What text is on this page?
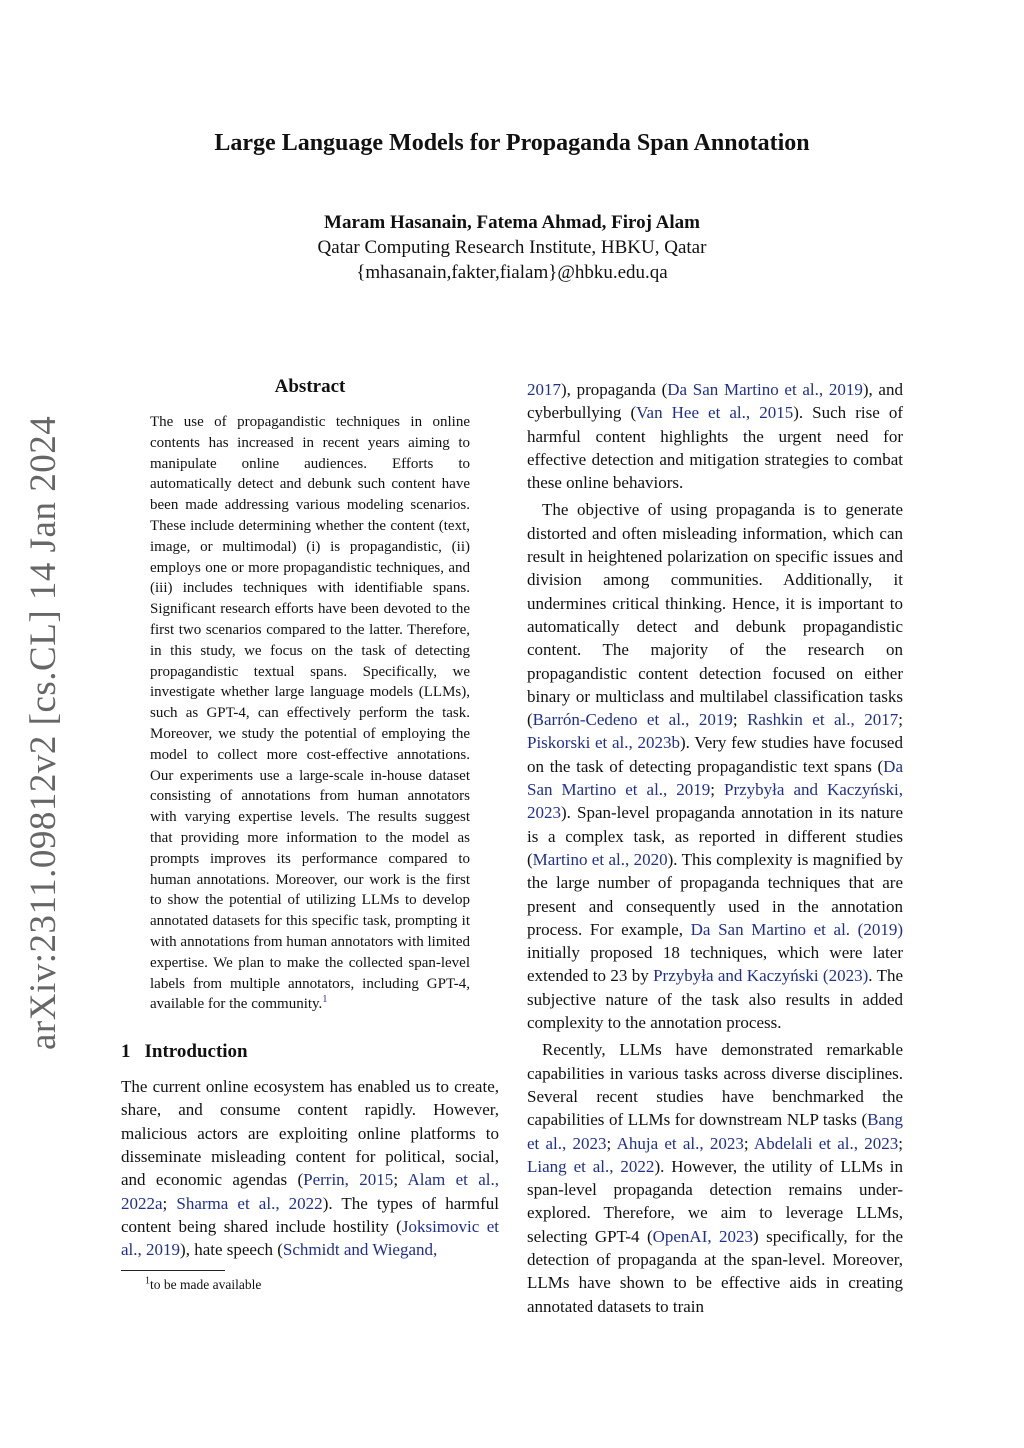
arXiv:2311.09812v2 [cs.CL] 14 Jan 2024
Large Language Models for Propaganda Span Annotation
Maram Hasanain, Fatema Ahmad, Firoj Alam
Qatar Computing Research Institute, HBKU, Qatar
{mhasanain,fakter,fialam}@hbku.edu.qa
Abstract

The use of propagandistic techniques in online contents has increased in recent years aiming to manipulate online audiences. Efforts to automatically detect and debunk such content have been made addressing various modeling scenarios. These include determining whether the content (text, image, or multimodal) (i) is propagandistic, (ii) employs one or more propagandistic techniques, and (iii) includes techniques with identifiable spans. Significant research efforts have been devoted to the first two scenarios compared to the latter. Therefore, in this study, we focus on the task of detecting propagandistic textual spans. Specifically, we investigate whether large language models (LLMs), such as GPT-4, can effectively perform the task. Moreover, we study the potential of employing the model to collect more cost-effective annotations. Our experiments use a large-scale in-house dataset consisting of annotations from human annotators with varying expertise levels. The results suggest that providing more information to the model as prompts improves its performance compared to human annotations. Moreover, our work is the first to show the potential of utilizing LLMs to develop annotated datasets for this specific task, prompting it with annotations from human annotators with limited expertise. We plan to make the collected span-level labels from multiple annotators, including GPT-4, available for the community.$^1$

1 Introduction

The current online ecosystem has enabled us to create, share, and consume content rapidly. However, malicious actors are exploiting online platforms to disseminate misleading content for political, social, and economic agendas (Perrin, 2015; Alam et al., 2022a; Sharma et al., 2022). The types of harmful content being shared include hostility (Joksimovic et al., 2019), hate speech (Schmidt and Wiegand,

$^1$to be made available

2017), propaganda (Da San Martino et al., 2019), and cyberbullying (Van Hee et al., 2015). Such rise of harmful content highlights the urgent need for effective detection and mitigation strategies to combat these online behaviors.

The objective of using propaganda is to generate distorted and often misleading information, which can result in heightened polarization on specific issues and division among communities. Additionally, it undermines critical thinking. Hence, it is important to automatically detect and debunk propagandistic content. The majority of the research on propagandistic content detection focused on either binary or multiclass and multilabel classification tasks (Barrón-Cedeno et al., 2019; Rashkin et al., 2017; Piskorski et al., 2023b). Very few studies have focused on the task of detecting propagandistic text spans (Da San Martino et al., 2019; Przybyła and Kaczyński, 2023). Span-level propaganda annotation in its nature is a complex task, as reported in different studies (Martino et al., 2020). This complexity is magnified by the large number of propaganda techniques that are present and consequently used in the annotation process. For example, Da San Martino et al. (2019) initially proposed 18 techniques, which were later extended to 23 by Przybyła and Kaczyński (2023). The subjective nature of the task also results in added complexity to the annotation process.

Recently, LLMs have demonstrated remarkable capabilities in various tasks across diverse disciplines. Several recent studies have benchmarked the capabilities of LLMs for downstream NLP tasks (Bang et al., 2023; Ahuja et al., 2023; Abdelali et al., 2023; Liang et al., 2022). However, the utility of LLMs in span-level propaganda detection remains under-explored. Therefore, we aim to leverage LLMs, selecting GPT-4 (OpenAI, 2023) specifically, for the detection of propaganda at the span-level. Moreover, LLMs have shown to be effective aids in creating annotated datasets to train
